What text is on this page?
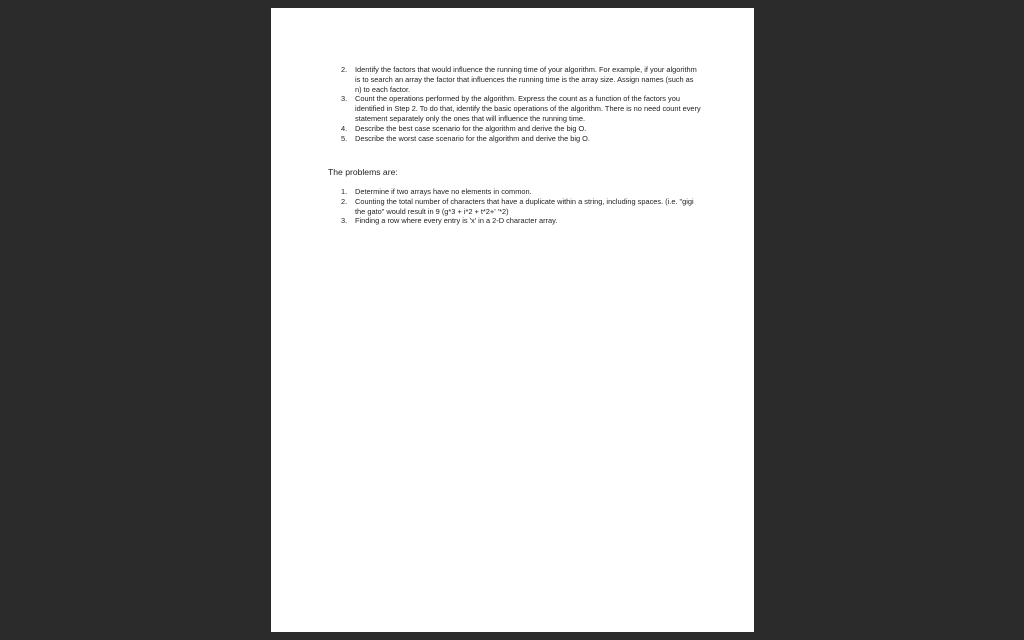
2. Identify the factors that would influence the running time of your algorithm. For example, if your algorithm is to search an array the factor that influences the running time is the array size. Assign names (such as n) to each factor.
3. Count the operations performed by the algorithm. Express the count as a function of the factors you identified in Step 2. To do that, identify the basic operations of the algorithm. There is no need count every statement separately only the ones that will influence the running time.
4. Describe the best case scenario for the algorithm and derive the big O.
5. Describe the worst case scenario for the algorithm and derive the big O.
The problems are:
1. Determine if two arrays have no elements in common.
2. Counting the total number of characters that have a duplicate within a string, including spaces. (i.e. "gigi the gato" would result in 9 (g*3 + i*2 + t*2+' '*2)
3. Finding a row where every entry is 'x' in a 2-D character array.
